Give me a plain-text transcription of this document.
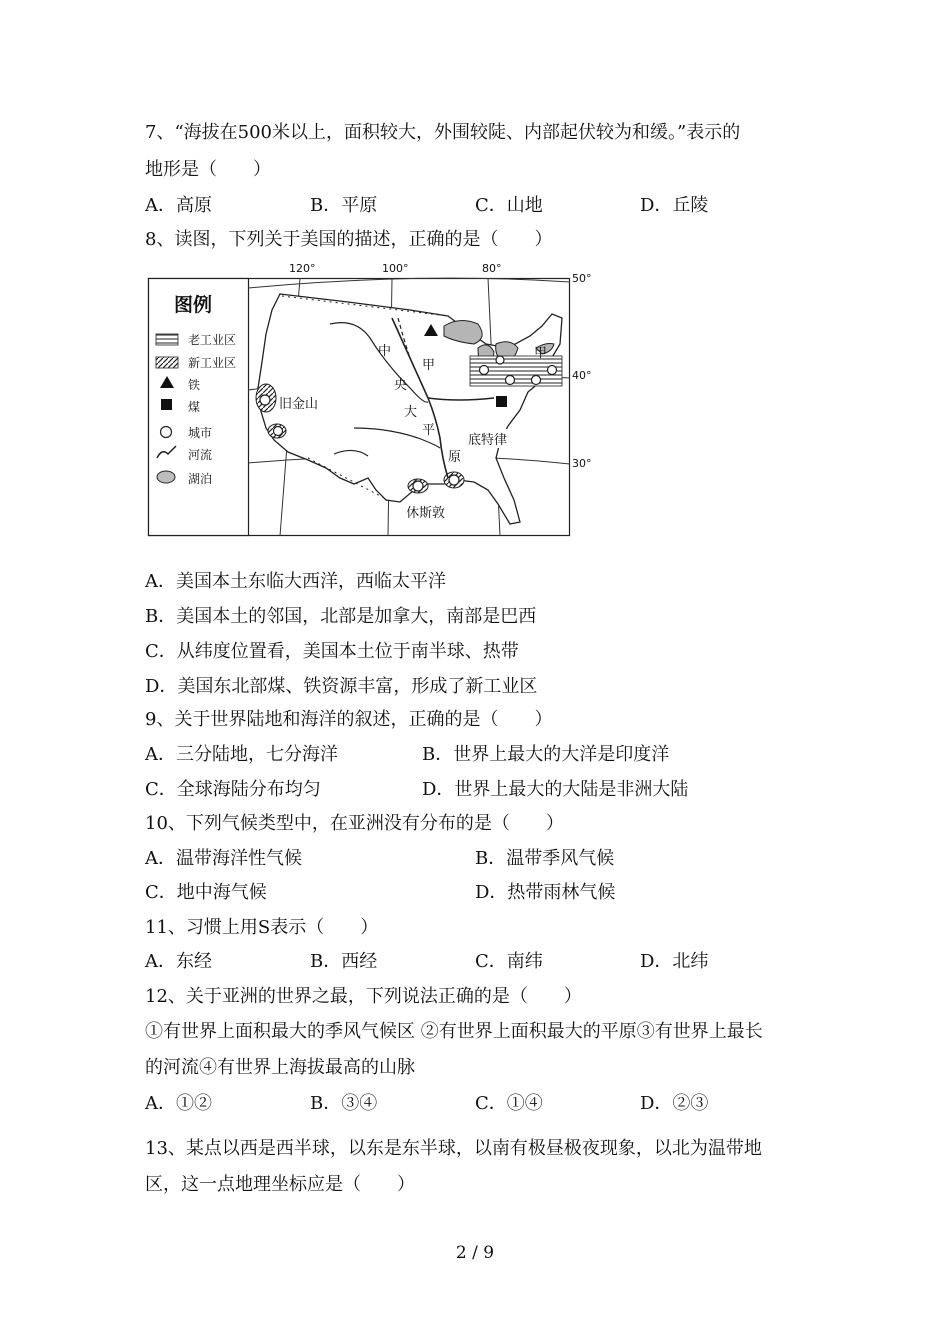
7、“海拔在500米以上，面积较大，外围较陡、内部起伏较为和缓。”表示的
地形是（　　）
A．高原	B．平原	C．山地	D．丘陵
8、读图，下列关于美国的描述，正确的是（　　）
图例
老工业区
新工业区
铁
煤
城市
河流
湖泊
120°	100°	80°
50°
40°
30°
中
央
大
平
原
甲
甲
旧金山
底特律
休斯敦
A．美国本土东临大西洋，西临太平洋
B．美国本土的邻国，北部是加拿大，南部是巴西
C．从纬度位置看，美国本土位于南半球、热带
D．美国东北部煤、铁资源丰富，形成了新工业区
9、关于世界陆地和海洋的叙述，正确的是（　　）
A．三分陆地，七分海洋	B．世界上最大的大洋是印度洋
C．全球海陆分布均匀	D．世界上最大的大陆是非洲大陆
10、下列气候类型中，在亚洲没有分布的是（　　）
A．温带海洋性气候	B．温带季风气候
C．地中海气候	D．热带雨林气候
11、习惯上用S表示（　　）
A．东经	B．西经	C．南纬	D．北纬
12、关于亚洲的世界之最，下列说法正确的是（　　）
①有世界上面积最大的季风气候区 ②有世界上面积最大的平原③有世界上最长
的河流④有世界上海拔最高的山脉
A．①②	B．③④	C．①④	D．②③
13、某点以西是西半球，以东是东半球，以南有极昼极夜现象，以北为温带地
区，这一点地理坐标应是（　　）
2 / 9
